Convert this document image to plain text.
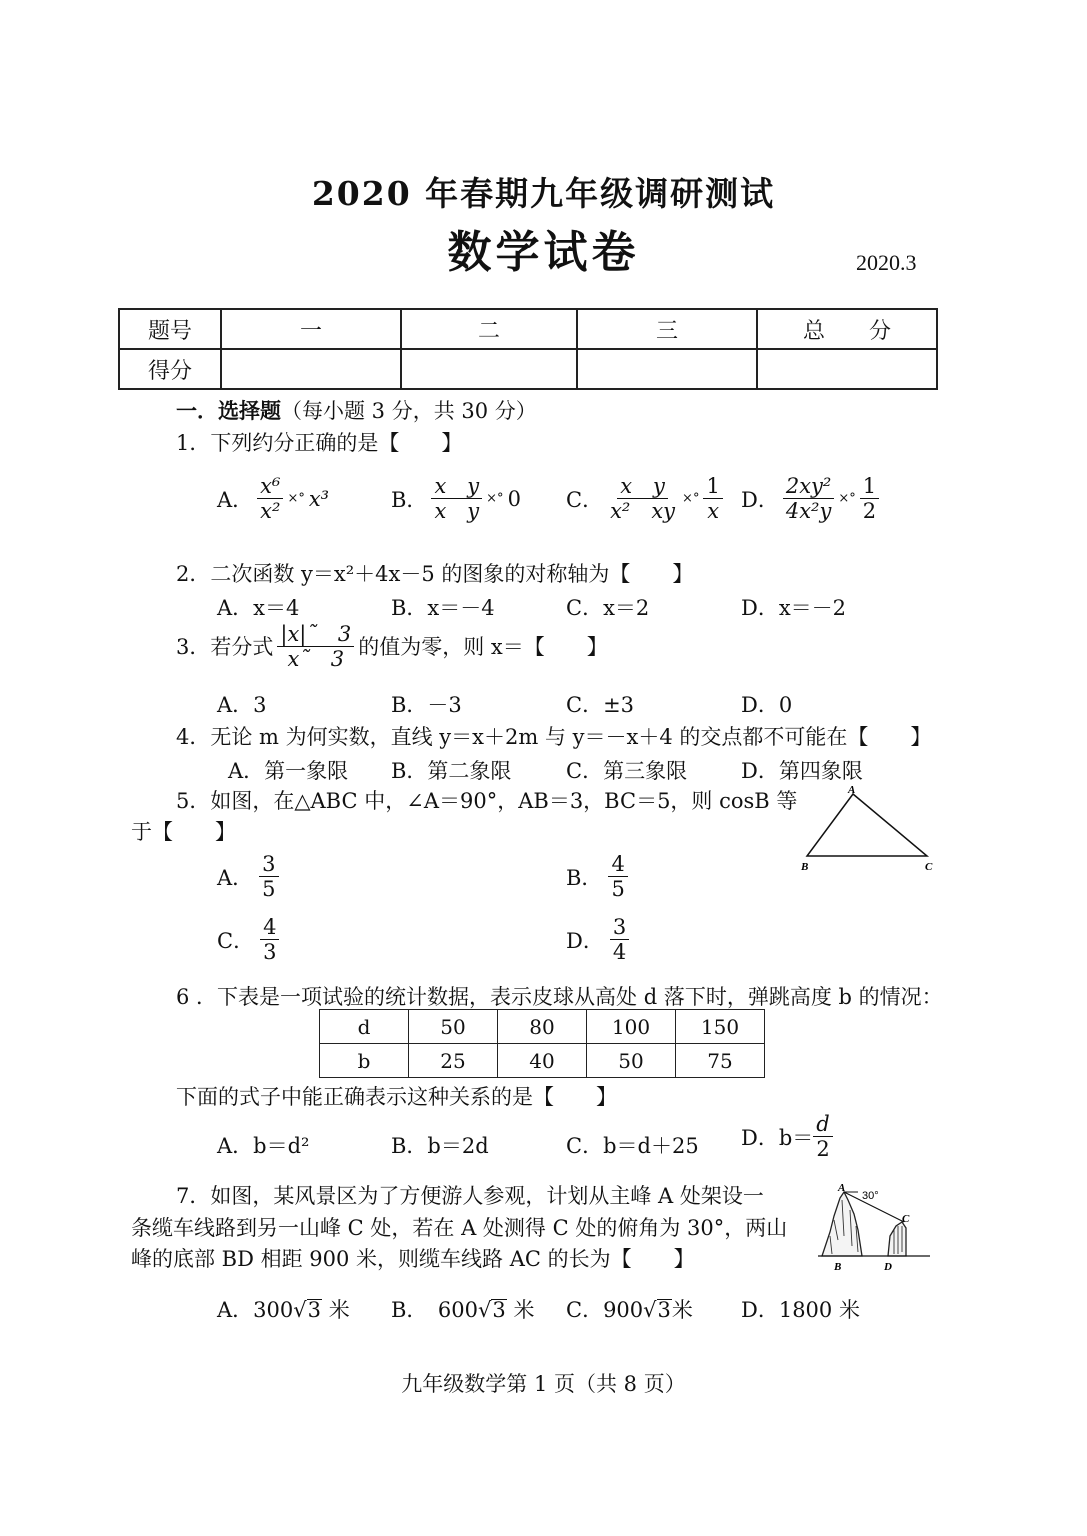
2020 年春期九年级调研测试
数学试卷	2020.3
题号	一	二	三	总　　分
得分				
一．选择题（每小题 3 分，共 30 分）
1．下列约分正确的是【　　】
A． $\frac{\text{x⁶}}{\text{x²}}$ ×° x³	B． $\frac{\text{x　y}}{\text{x　y}}$ ×° 0 C． $\frac{\text{x　y}}{\text{x²　xy}}$ ×° $\frac{1}{x}$ D． $\frac{\text{2xy²}}{\text{4x²y}}$ ×° $\frac{1}{2}$
2．二次函数 y＝x²＋4x－5 的图象的对称轴为【　　】
A．x＝4	B．x＝－4	C．x＝2	D．x＝－2
3．若分式 $\frac{|x|˜ 3}{x˜ 3}$ 的值为零，则 x＝【　　】
A．3	B．－3	C．±3	D．0
4．无论 m 为何实数，直线 y＝x＋2m 与 y＝－x＋4 的交点都不可能在【　　】
A．第一象限 B．第二象限	C．第三象限	D．第四象限
5．如图，在△ABC 中，∠A＝90°，AB＝3，BC＝5，则 cosB 等
于【　　】
A
B	C
A． $\frac{3}{5}$	B． $\frac{4}{5}$
C． $\frac{4}{3}$	D． $\frac{3}{4}$
6 ．下表是一项试验的统计数据，表示皮球从高处 d 落下时，弹跳高度 b 的情况：
d	50	80	100	150
b	25	40	50	75
下面的式子中能正确表示这种关系的是【　　】
A．b＝d²	B．b＝2d	C．b＝d＋25 D．$b= \frac{d}{2}$
7．如图，某风景区为了方便游人参观，计划从主峰 A 处架设一
条缆车线路到另一山峰 C 处，若在 A 处测得 C 处的俯角为 30°，两山
峰的底部 BD 相距 900 米，则缆车线路 AC 的长为【　　】
A
30°
C
B	D
A．300√3 米 B．　600√3 米 C．900√3米 D．1800 米
九年级数学第 1 页（共 8 页）
